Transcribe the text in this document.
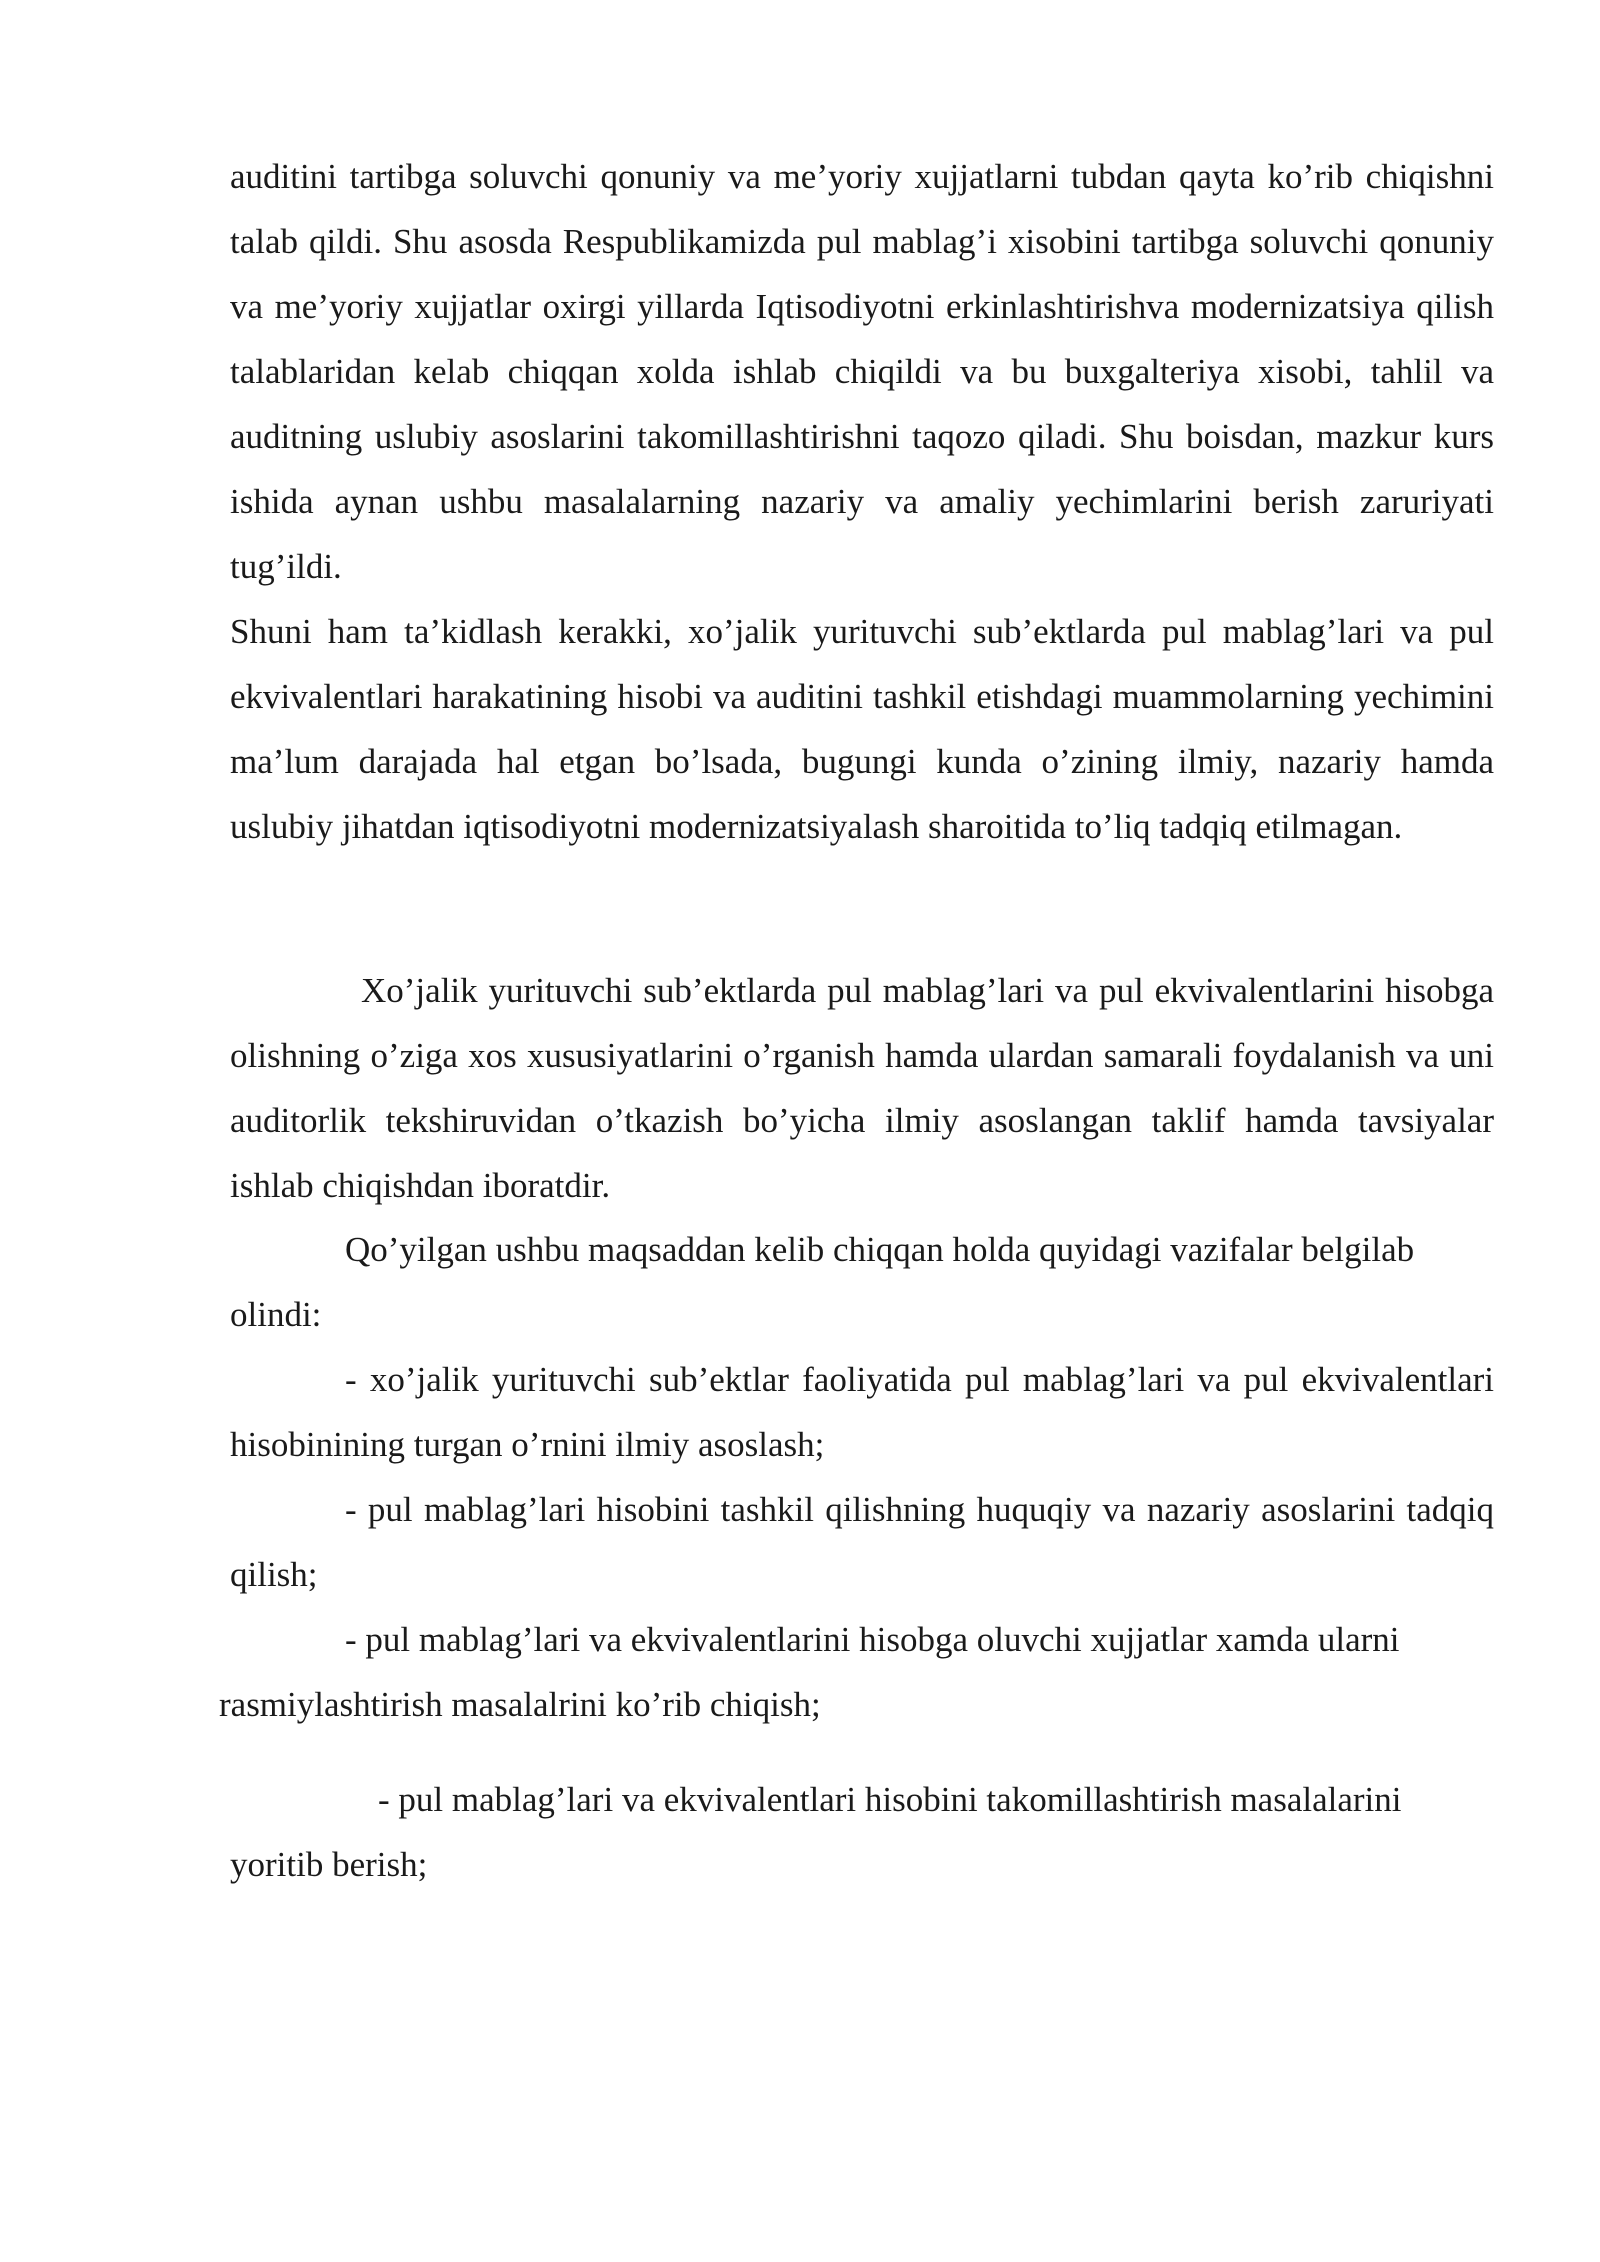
auditini tartibga soluvchi qonuniy va me’yoriy xujjatlarni tubdan qayta ko’rib chiqishni talab qildi. Shu asosda Respublikamizda pul mablag’i xisobini tartibga soluvchi qonuniy va me’yoriy xujjatlar oxirgi yillarda Iqtisodiyotni erkinlashtirishva modernizatsiya qilish talablaridan kelab chiqqan xolda ishlab chiqildi va bu buxgalteriya xisobi, tahlil va auditning uslubiy asoslarini takomillashtirishni taqozo qiladi. Shu boisdan, mazkur kurs ishida aynan ushbu masalalarning nazariy va amaliy yechimlarini berish zaruriyati tug’ildi.

Shuni ham ta’kidlash kerakki, xo’jalik yurituvchi sub’ektlarda pul mablag’lari va pul ekvivalentlari harakatining hisobi va auditini tashkil etishdagi muammolarning yechimini ma’lum darajada hal etgan bo’lsada, bugungi kunda o’zining ilmiy, nazariy hamda uslubiy jihatdan iqtisodiyotni modernizatsiyalash sharoitida to’liq tadqiq etilmagan.

Xo’jalik yurituvchi sub’ektlarda pul mablag’lari va pul ekvivalentlarini hisobga olishning o’ziga xos xususiyatlarini o’rganish hamda ulardan samarali foydalanish va uni auditorlik tekshiruvidan o’tkazish bo’yicha ilmiy asoslangan taklif hamda tavsiyalar ishlab chiqishdan iboratdir.

Qo’yilgan ushbu maqsaddan kelib chiqqan holda quyidagi vazifalar belgilab olindi:

- xo’jalik yurituvchi sub’ektlar faoliyatida pul mablag’lari va pul ekvivalentlari hisobinining turgan o’rnini ilmiy asoslash;

- pul mablag’lari hisobini tashkil qilishning huquqiy va nazariy asoslarini tadqiq qilish;

- pul mablag’lari va ekvivalentlarini hisobga oluvchi xujjatlar xamda ularni rasmiylashtirish masalalrini ko’rib chiqish;

- pul mablag’lari va ekvivalentlari hisobini takomillashtirish masalalarini yoritib berish;
